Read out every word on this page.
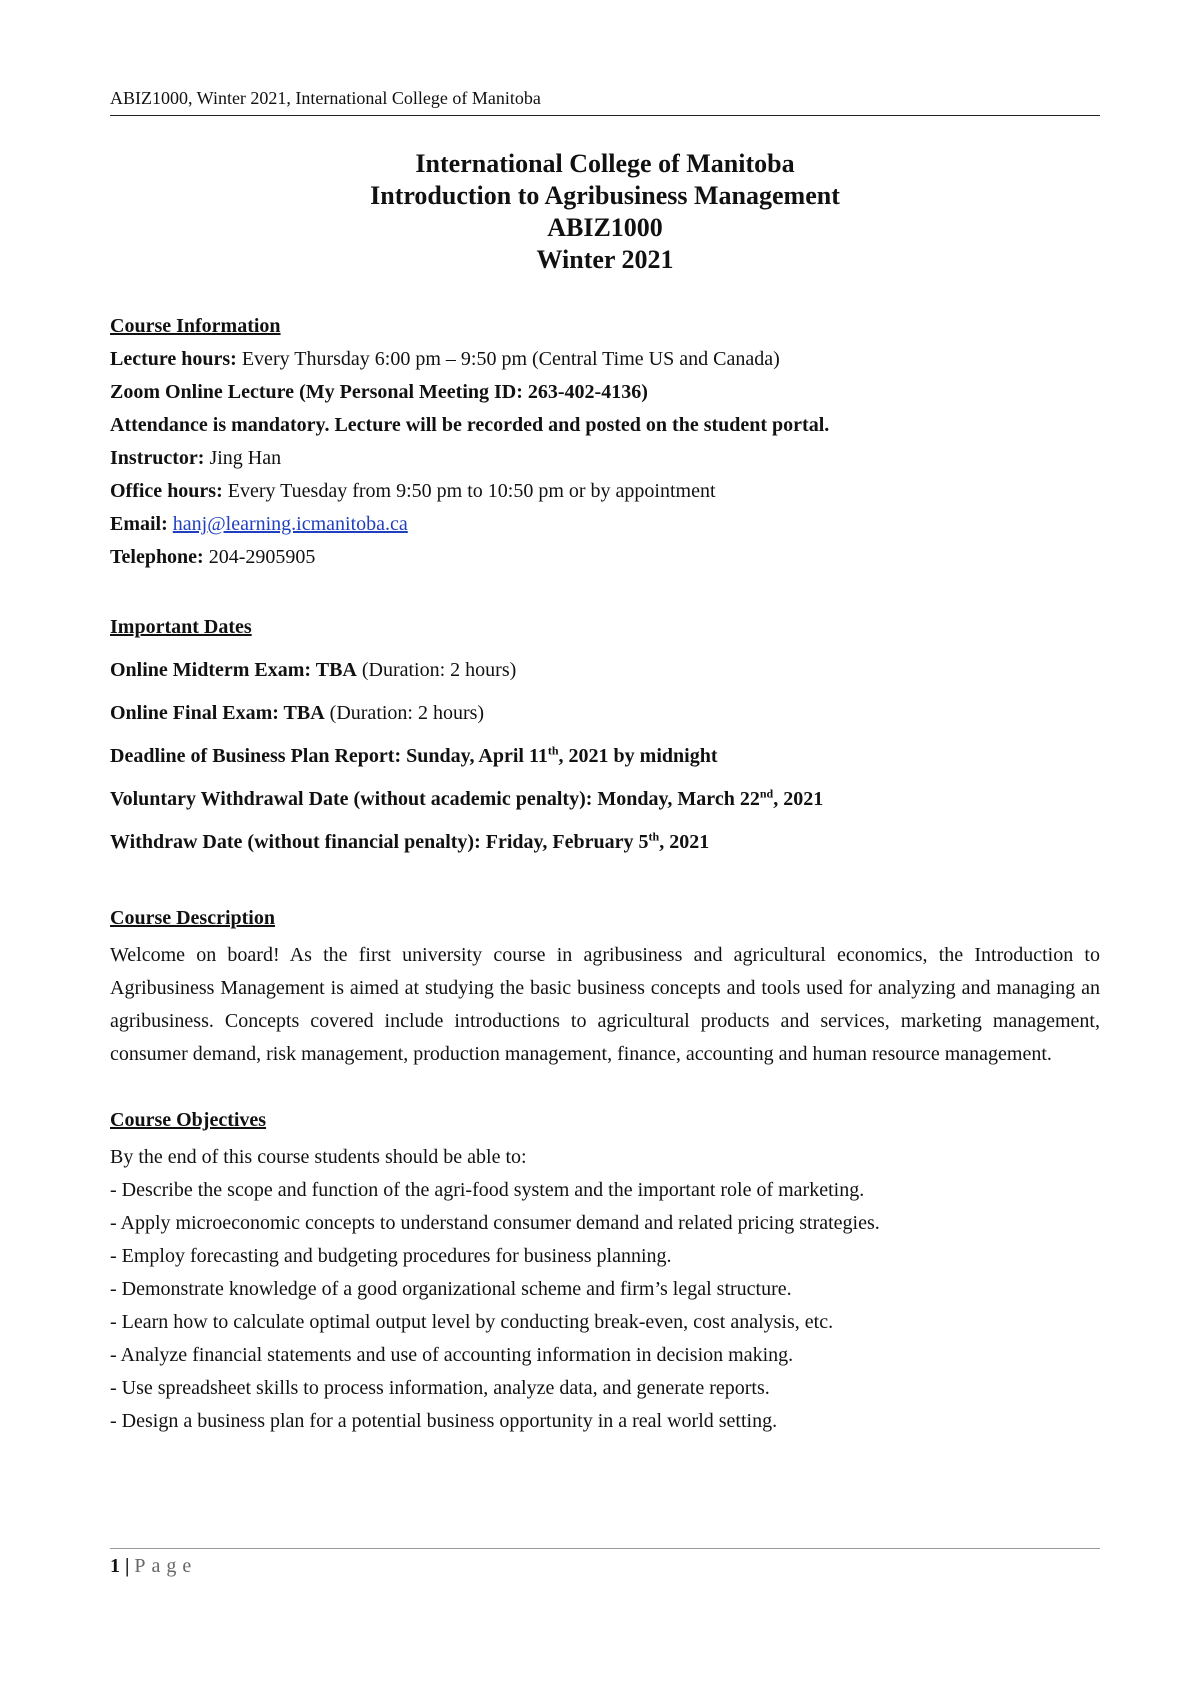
ABIZ1000, Winter 2021, International College of Manitoba
International College of Manitoba
Introduction to Agribusiness Management
ABIZ1000
Winter 2021

Course Information

Lecture hours: Every Thursday 6:00 pm – 9:50 pm (Central Time US and Canada)

Zoom Online Lecture (My Personal Meeting ID: 263-402-4136)

Attendance is mandatory. Lecture will be recorded and posted on the student portal.

Instructor: Jing Han

Office hours: Every Tuesday from 9:50 pm to 10:50 pm or by appointment

Email: hanj@learning.icmanitoba.ca

Telephone: 204-2905905

Important Dates

Online Midterm Exam: TBA (Duration: 2 hours)

Online Final Exam: TBA (Duration: 2 hours)

Deadline of Business Plan Report: Sunday, April 11th, 2021 by midnight

Voluntary Withdrawal Date (without academic penalty): Monday, March 22nd, 2021

Withdraw Date (without financial penalty): Friday, February 5th, 2021

Course Description

Welcome on board! As the first university course in agribusiness and agricultural economics, the Introduction to Agribusiness Management is aimed at studying the basic business concepts and tools used for analyzing and managing an agribusiness. Concepts covered include introductions to agricultural products and services, marketing management, consumer demand, risk management, production management, finance, accounting and human resource management.

Course Objectives

By the end of this course students should be able to:

- Describe the scope and function of the agri-food system and the important role of marketing.

- Apply microeconomic concepts to understand consumer demand and related pricing strategies.

- Employ forecasting and budgeting procedures for business planning.

- Demonstrate knowledge of a good organizational scheme and firm’s legal structure.

- Learn how to calculate optimal output level by conducting break-even, cost analysis, etc.

- Analyze financial statements and use of accounting information in decision making.

- Use spreadsheet skills to process information, analyze data, and generate reports.

- Design a business plan for a potential business opportunity in a real world setting.

1 | Page
